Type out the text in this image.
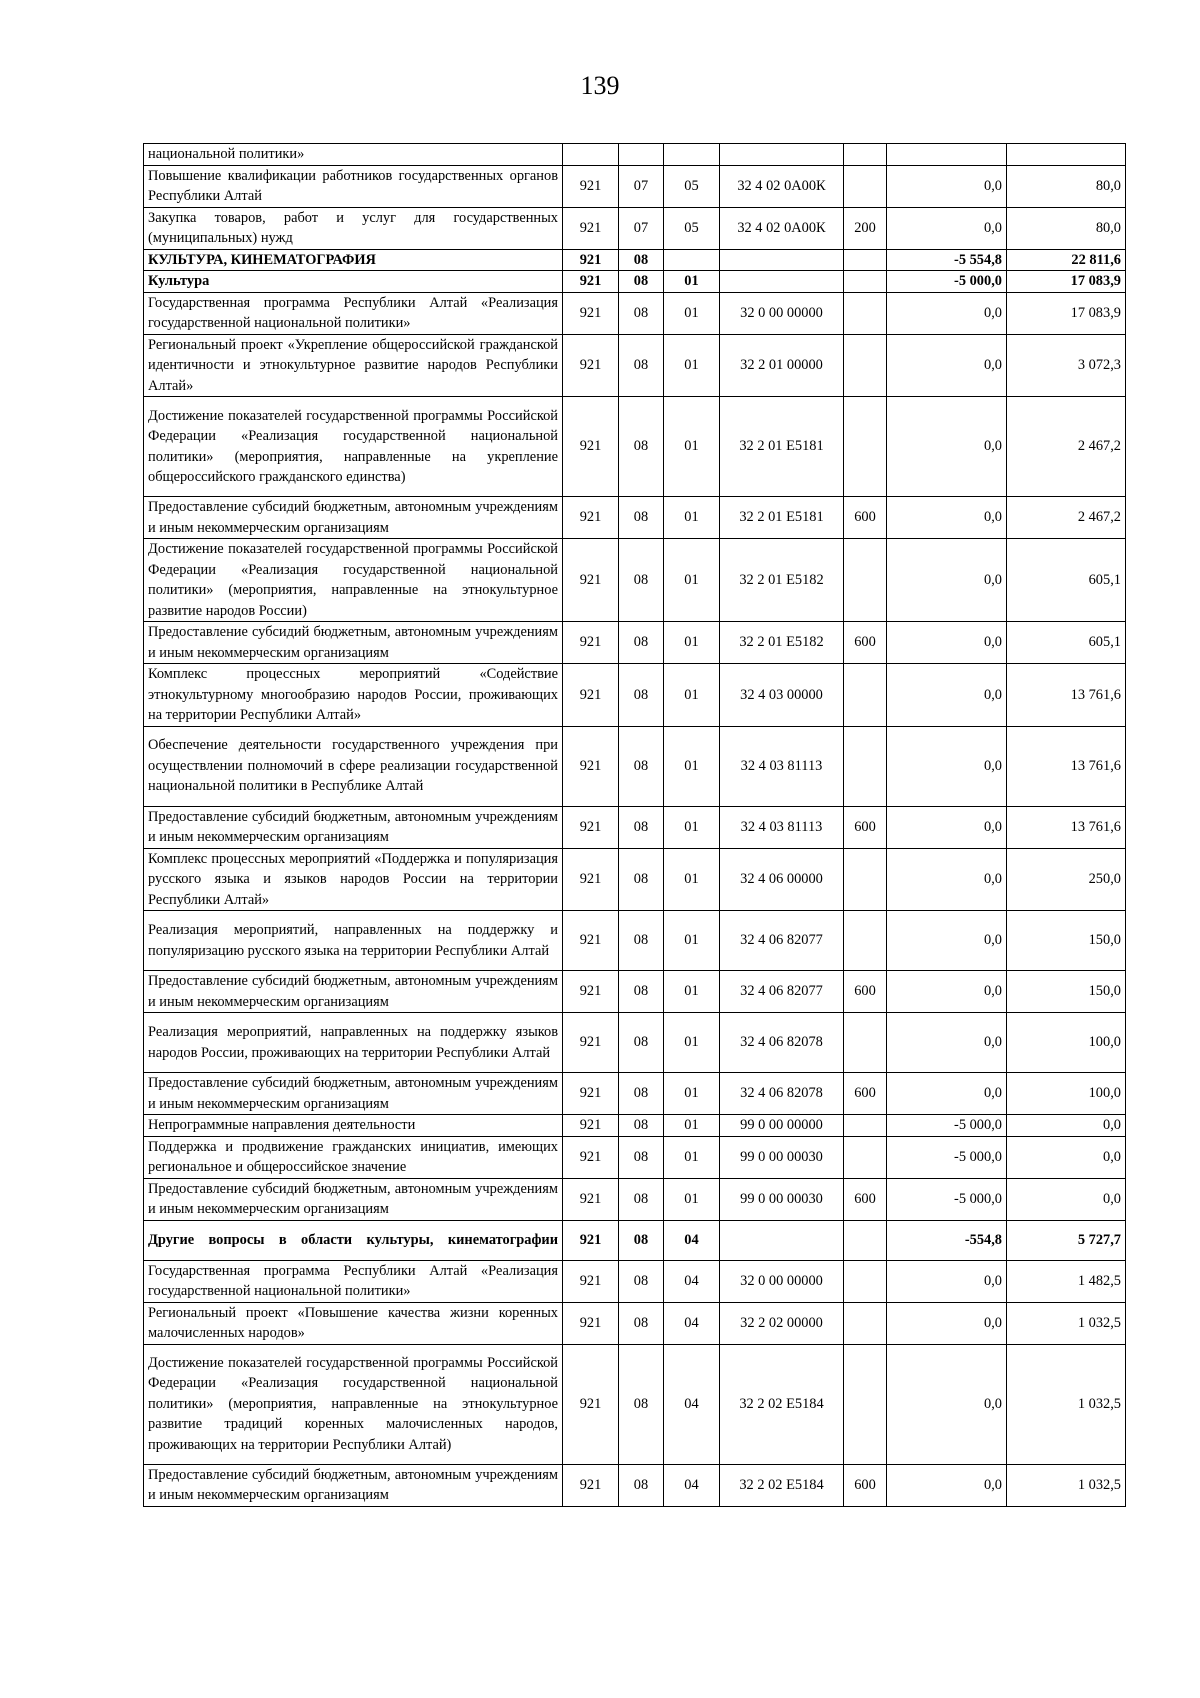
139
национальной политики»							
Повышение квалификации работников государственных органов Республики Алтай	921	07	05	32 4 02 0А00К		0,0	80,0
Закупка товаров, работ и услуг для государственных (муниципальных) нужд	921	07	05	32 4 02 0А00К	200	0,0	80,0
КУЛЬТУРА, КИНЕМАТОГРАФИЯ	921	08				-5 554,8	22 811,6
Культура	921	08	01			-5 000,0	17 083,9
Государственная программа Республики Алтай «Реализация государственной национальной политики»	921	08	01	32 0 00 00000		0,0	17 083,9
Региональный проект «Укрепление общероссийской гражданской идентичности и этнокультурное развитие народов Республики Алтай»	921	08	01	32 2 01 00000		0,0	3 072,3
Достижение показателей государственной программы Российской Федерации «Реализация государственной национальной политики» (мероприятия, направленные на укрепление общероссийского гражданского единства)	921	08	01	32 2 01 Е5181		0,0	2 467,2
Предоставление субсидий бюджетным, автономным учреждениям и иным некоммерческим организациям	921	08	01	32 2 01 Е5181	600	0,0	2 467,2
Достижение показателей государственной программы Российской Федерации «Реализация государственной национальной политики» (мероприятия, направленные на этнокультурное развитие народов России)	921	08	01	32 2 01 Е5182		0,0	605,1
Предоставление субсидий бюджетным, автономным учреждениям и иным некоммерческим организациям	921	08	01	32 2 01 Е5182	600	0,0	605,1
Комплекс процессных мероприятий «Содействие этнокультурному многообразию народов России, проживающих на территории Республики Алтай»	921	08	01	32 4 03 00000		0,0	13 761,6
Обеспечение деятельности государственного учреждения при осуществлении полномочий в сфере реализации государственной национальной политики в Республике Алтай	921	08	01	32 4 03 81113		0,0	13 761,6
Предоставление субсидий бюджетным, автономным учреждениям и иным некоммерческим организациям	921	08	01	32 4 03 81113	600	0,0	13 761,6
Комплекс процессных мероприятий «Поддержка и популяризация русского языка и языков народов России на территории Республики Алтай»	921	08	01	32 4 06 00000		0,0	250,0
Реализация мероприятий, направленных на поддержку и популяризацию русского языка на территории Республики Алтай	921	08	01	32 4 06 82077		0,0	150,0
Предоставление субсидий бюджетным, автономным учреждениям и иным некоммерческим организациям	921	08	01	32 4 06 82077	600	0,0	150,0
Реализация мероприятий, направленных на поддержку языков народов России, проживающих на территории Республики Алтай	921	08	01	32 4 06 82078		0,0	100,0
Предоставление субсидий бюджетным, автономным учреждениям и иным некоммерческим организациям	921	08	01	32 4 06 82078	600	0,0	100,0
Непрограммные направления деятельности	921	08	01	99 0 00 00000		-5 000,0	0,0
Поддержка и продвижение гражданских инициатив, имеющих региональное и общероссийское значение	921	08	01	99 0 00 00030		-5 000,0	0,0
Предоставление субсидий бюджетным, автономным учреждениям и иным некоммерческим организациям	921	08	01	99 0 00 00030	600	-5 000,0	0,0
Другие вопросы в области культуры, кинематографии	921	08	04			-554,8	5 727,7
Государственная программа Республики Алтай «Реализация государственной национальной политики»	921	08	04	32 0 00 00000		0,0	1 482,5
Региональный проект «Повышение качества жизни коренных малочисленных народов»	921	08	04	32 2 02 00000		0,0	1 032,5
Достижение показателей государственной программы Российской Федерации «Реализация государственной национальной политики» (мероприятия, направленные на этнокультурное развитие традиций коренных малочисленных народов, проживающих на территории Республики Алтай)	921	08	04	32 2 02 Е5184		0,0	1 032,5
Предоставление субсидий бюджетным, автономным учреждениям и иным некоммерческим организациям	921	08	04	32 2 02 Е5184	600	0,0	1 032,5
